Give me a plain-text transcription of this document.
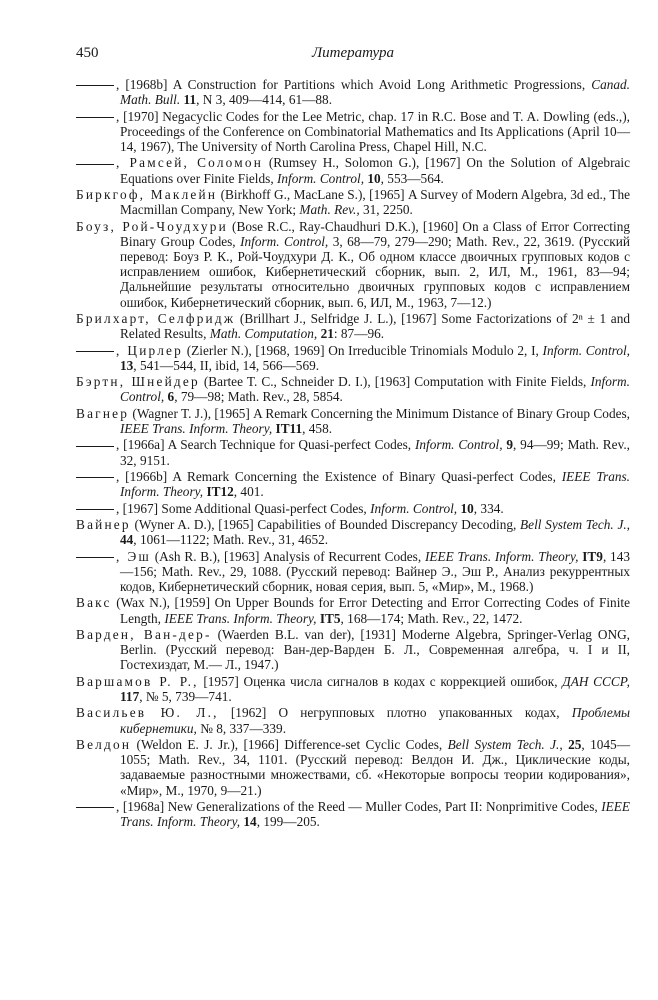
450	Литература

, [1968b] A Construction for Partitions which Avoid Long Arithmetic Progressions, Canad. Math. Bull. 11, N 3, 409—414, 61—88.

, [1970] Negacyclic Codes for the Lee Metric, chap. 17 in R.C. Bose and T. A. Dowling (eds.,), Proceedings of the Conference on Combinatorial Mathematics and Its Applications (April 10—14, 1967), The University of North Carolina Press, Chapel Hill, N.C.

, Рамсей, Соломон (Rumsey H., Solomon G.), [1967] On the Solution of Algebraic Equations over Finite Fields, Inform. Control, 10, 553—564.

Биркгоф, Маклейн (Birkhoff G., MacLane S.), [1965] A Survey of Modern Algebra, 3d ed., The Macmillan Company, New York; Math. Rev., 31, 2250.

Боуз, Рой-Чоудхури (Bose R.C., Ray-Chaudhuri D.K.), [1960] On a Class of Error Correcting Binary Group Codes, Inform. Control, 3, 68—79, 279—290; Math. Rev., 22, 3619. (Русский перевод: Боуз Р. К., Рой-Чоудхури Д. К., Об одном классе двоичных групповых кодов с исправлением ошибок, Кибернетический сборник, вып. 2, ИЛ, М., 1961, 83—94; Дальнейшие результаты относительно двоичных групповых кодов с исправлением ошибок, Кибернетический сборник, вып. 6, ИЛ, М., 1963, 7—12.)

Брилхарт, Селфридж (Brillhart J., Selfridge J. L.), [1967] Some Factorizations of 2ⁿ ± 1 and Related Results, Math. Computation, 21: 87—96.

, Цирлер (Zierler N.), [1968, 1969] On Irreducible Trinomials Modulo 2, I, Inform. Control, 13, 541—544, II, ibid, 14, 566—569.

Бэртн, Шнейдер (Bartee T. C., Schneider D. I.), [1963] Computation with Finite Fields, Inform. Control, 6, 79—98; Math. Rev., 28, 5854.

Вагнер (Wagner T. J.), [1965] A Remark Concerning the Minimum Distance of Binary Group Codes, IEEE Trans. Inform. Theory, IT11, 458.

, [1966a] A Search Technique for Quasi-perfect Codes, Inform. Control, 9, 94—99; Math. Rev., 32, 9151.

, [1966b] A Remark Concerning the Existence of Binary Quasi-perfect Codes, IEEE Trans. Inform. Theory, IT12, 401.

, [1967] Some Additional Quasi-perfect Codes, Inform. Control, 10, 334.

Вайнер (Wyner A. D.), [1965] Capabilities of Bounded Discrepancy Decoding, Bell System Tech. J., 44, 1061—1122; Math. Rev., 31, 4652.

, Эш (Ash R. B.), [1963] Analysis of Recurrent Codes, IEEE Trans. Inform. Theory, IT9, 143—156; Math. Rev., 29, 1088. (Русский перевод: Вайнер Э., Эш Р., Анализ рекуррентных кодов, Кибернетический сборник, новая серия, вып. 5, «Мир», М., 1968.)

Вакс (Wax N.), [1959] On Upper Bounds for Error Detecting and Error Correcting Codes of Finite Length, IEEE Trans. Inform. Theory, IT5, 168—174; Math. Rev., 22, 1472.

Варден, Ван-дер- (Waerden B.L. van der), [1931] Moderne Algebra, Springer-Verlag ONG, Berlin. (Русский перевод: Ван-дер-Варден Б. Л., Современная алгебра, ч. I и II, Гостехиздат, М.— Л., 1947.)

Варшамов Р. Р., [1957] Оценка числа сигналов в кодах с коррекцией ошибок, ДАН СССР, 117, № 5, 739—741.

Васильев Ю. Л., [1962] О негрупповых плотно упакованных кодах, Проблемы кибернетики, № 8, 337—339.

Велдон (Weldon E. J. Jr.), [1966] Difference-set Cyclic Codes, Bell System Tech. J., 25, 1045—1055; Math. Rev., 34, 1101. (Русский перевод: Велдон И. Дж., Циклические коды, задаваемые разностными множествами, сб. «Некоторые вопросы теории кодирования», «Мир», М., 1970, 9—21.)

, [1968a] New Generalizations of the Reed — Muller Codes, Part II: Nonprimitive Codes, IEEE Trans. Inform. Theory, 14, 199—205.
